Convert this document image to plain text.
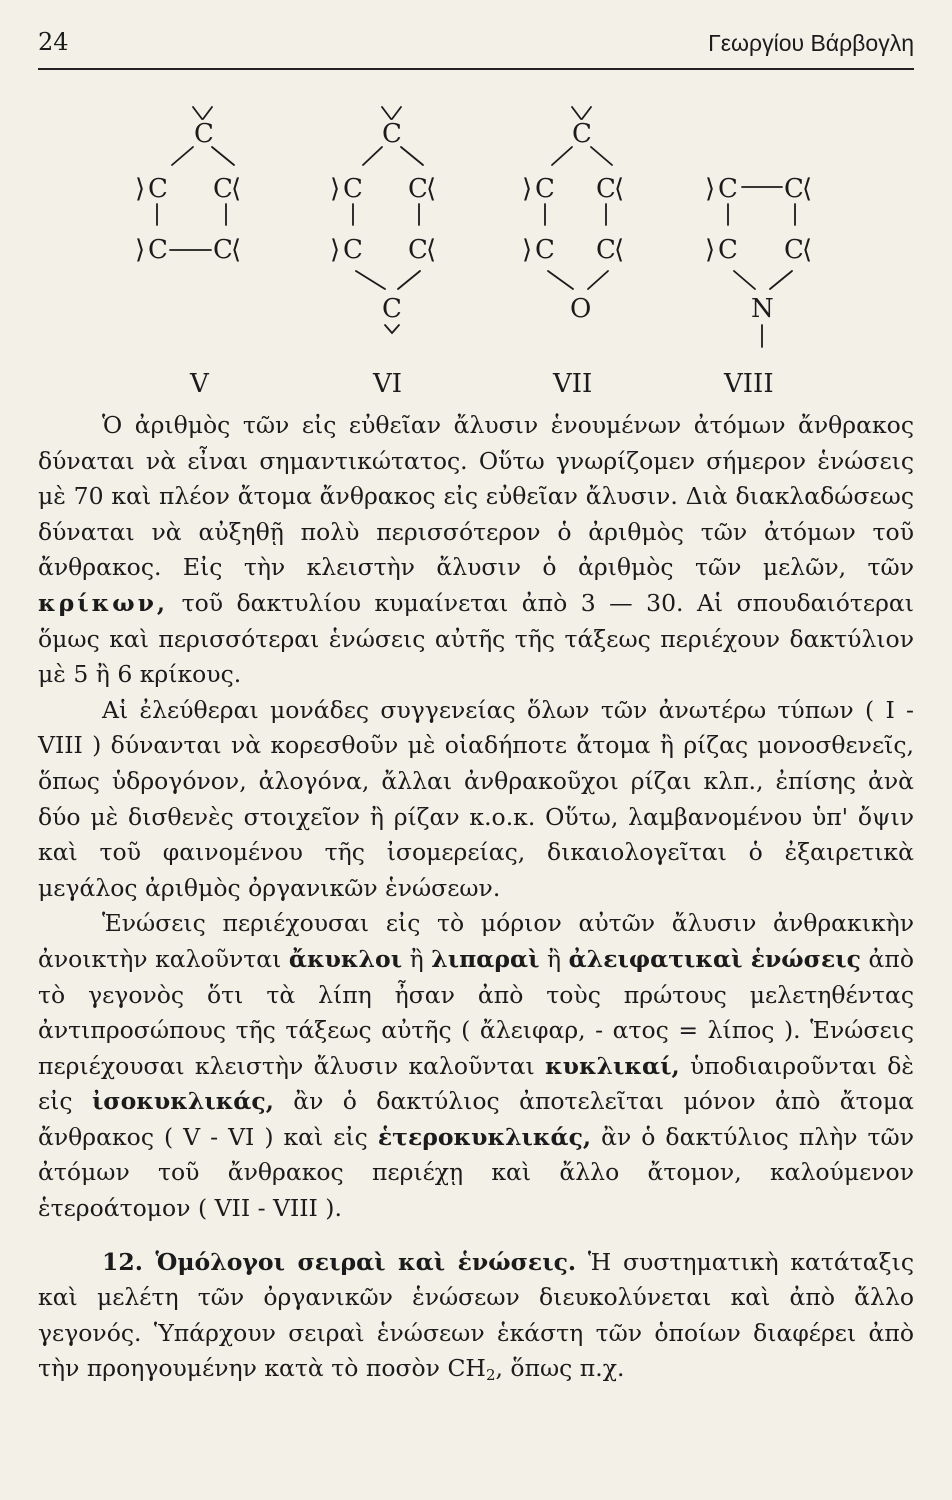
24	Γεωργίου Βάρβογλη
C
⟩ C C
⟨
⟩ C C
⟨
C
⟩ C C
⟨
⟩ C C
⟨
C
C
⟩ C C
⟨
⟩ C C
⟨
O
⟩ C C
⟨
⟩ C C
⟨
N
V	VI	VII	VIII

Ὁ ἀριθμὸς τῶν εἰς εὐθεῖαν ἄλυσιν ἑνουμένων ἀτόμων ἄνθρακος δύναται νὰ εἶναι σημαντικώτατος. Οὕτω γνωρίζομεν σήμερον ἑνώσεις μὲ 70 καὶ πλέον ἄτομα ἄνθρακος εἰς εὐθεῖαν ἄλυσιν. Διὰ διακλαδώσεως δύναται νὰ αὐξηθῇ πολὺ περισσότερον ὁ ἀριθμὸς τῶν ἀτόμων τοῦ ἄνθρακος. Εἰς τὴν κλειστὴν ἄλυσιν ὁ ἀριθμὸς τῶν μελῶν, τῶν κρίκων, τοῦ δακτυλίου κυμαίνεται ἀπὸ 3 — 30. Αἱ σπουδαιότεραι ὅμως καὶ περισσότεραι ἑνώσεις αὐτῆς τῆς τάξεως περιέχουν δακτύλιον μὲ 5 ἢ 6 κρίκους.

Αἱ ἐλεύθεραι μονάδες συγγενείας ὅλων τῶν ἀνωτέρω τύπων ( I - VIII ) δύνανται νὰ κορεσθοῦν μὲ οἱαδήποτε ἄτομα ἢ ρίζας μονοσθενεῖς, ὅπως ὑδρογόνον, ἀλογόνα, ἄλλαι ἀνθρακοῦχοι ρίζαι κλπ., ἐπίσης ἀνὰ δύο μὲ δισθενὲς στοιχεῖον ἢ ρίζαν κ.ο.κ. Οὕτω, λαμβανομένου ὑπ' ὄψιν καὶ τοῦ φαινομένου τῆς ἰσομερείας, δικαιολογεῖται ὁ ἐξαιρετικὰ μεγάλος ἀριθμὸς ὀργανικῶν ἑνώσεων.

Ἑνώσεις περιέχουσαι εἰς τὸ μόριον αὐτῶν ἄλυσιν ἀνθρακικὴν ἀνοικτὴν καλοῦνται ἄκυκλοι ἢ λιπαραὶ ἢ ἀλειφατικαὶ ἑνώσεις ἀπὸ τὸ γεγονὸς ὅτι τὰ λίπη ἦσαν ἀπὸ τοὺς πρώτους μελετηθέντας ἀντιπροσώπους τῆς τάξεως αὐτῆς ( ἄλειφαρ, - ατος = λίπος ). Ἑνώσεις περιέχουσαι κλειστὴν ἄλυσιν καλοῦνται κυκλικαί, ὑποδιαιροῦνται δὲ εἰς ἰσοκυκλικάς, ἂν ὁ δακτύλιος ἀποτελεῖται μόνον ἀπὸ ἄτομα ἄνθρακος ( V - VI ) καὶ εἰς ἑτεροκυκλικάς, ἂν ὁ δακτύλιος πλὴν τῶν ἀτόμων τοῦ ἄνθρακος περιέχῃ καὶ ἄλλο ἄτομον, καλούμενον ἑτεροάτομον ( VII - VIII ).

12. Ὁμόλογοι σειραὶ καὶ ἑνώσεις. Ἡ συστηματικὴ κατάταξις καὶ μελέτη τῶν ὀργανικῶν ἑνώσεων διευκολύνεται καὶ ἀπὸ ἄλλο γεγονός. Ὑπάρχουν σειραὶ ἑνώσεων ἑκάστη τῶν ὁποίων διαφέρει ἀπὸ τὴν προηγουμένην κατὰ τὸ ποσὸν $CH_2$, ὅπως π.χ.
